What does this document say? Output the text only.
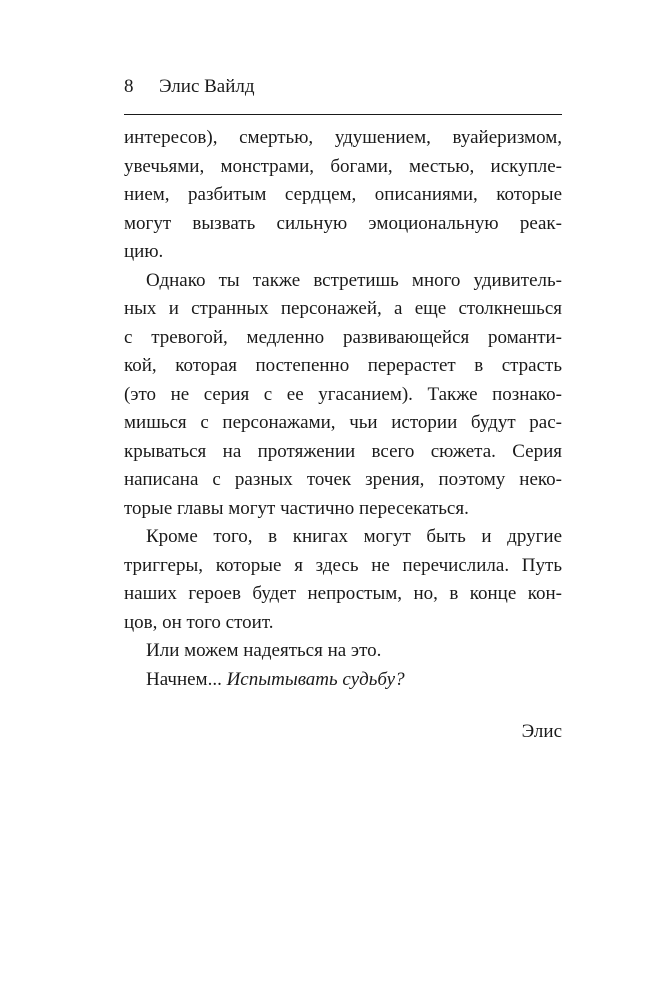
8 Элис Вайлд
интересов), смертью, удушением, вуайеризмом,
увечьями, монстрами, богами, местью, искупле-
нием, разбитым сердцем, описаниями, которые
могут вызвать сильную эмоциональную реак-
цию.
Однако ты также встретишь много удивитель-
ных и странных персонажей, а еще столкнешься
с тревогой, медленно развивающейся романти-
кой, которая постепенно перерастет в страсть
(это не серия с ее угасанием). Также познако-
мишься с персонажами, чьи истории будут рас-
крываться на протяжении всего сюжета. Серия
написана с разных точек зрения, поэтому неко-
торые главы могут частично пересекаться.
Кроме того, в книгах могут быть и другие
триггеры, которые я здесь не перечислила. Путь
наших героев будет непростым, но, в конце кон-
цов, он того стоит.
Или можем надеяться на это.
Начнем... Испытывать судьбу?
Элис
